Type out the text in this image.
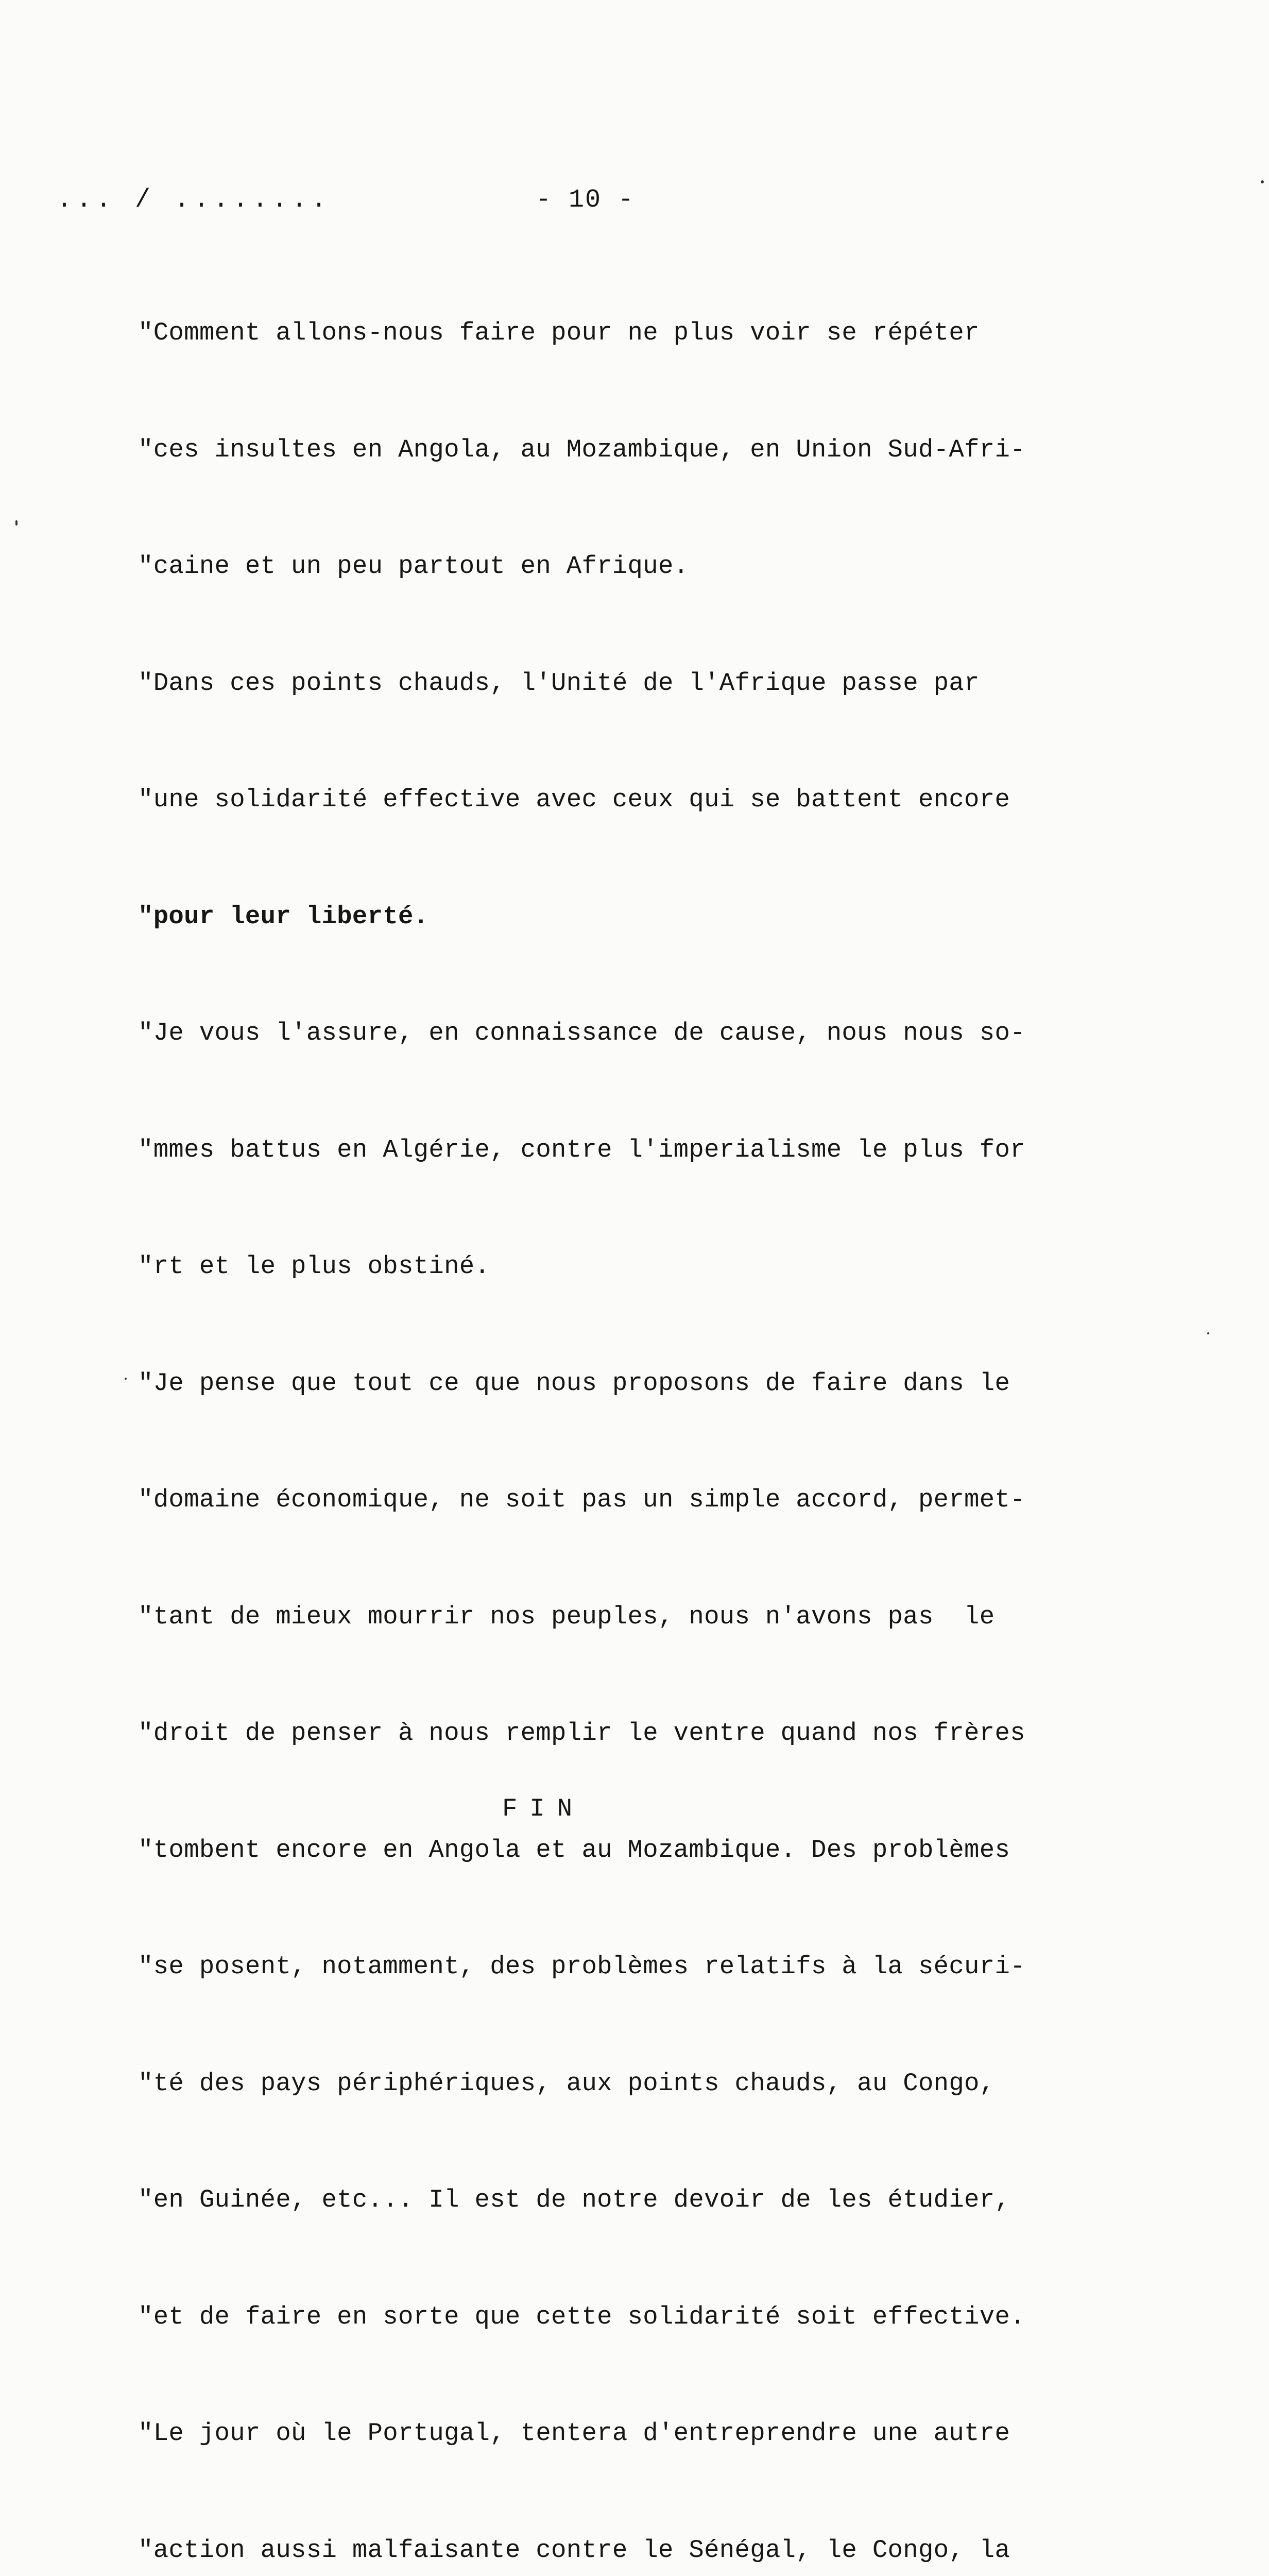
... / ........	- 10 -

"Comment allons-nous faire pour ne plus voir se répéter

"ces insultes en Angola, au Mozambique, en Union Sud-Afri-

"caine et un peu partout en Afrique.

"Dans ces points chauds, l'Unité de l'Afrique passe par

"une solidarité effective avec ceux qui se battent encore

"pour leur liberté.

"Je vous l'assure, en connaissance de cause, nous nous so-

"mmes battus en Algérie, contre l'imperialisme le plus for

"rt et le plus obstiné.

"Je pense que tout ce que nous proposons de faire dans le

"domaine économique, ne soit pas un simple accord, permet-

"tant de mieux mourrir nos peuples, nous n'avons pas  le

"droit de penser à nous remplir le ventre quand nos frères

"tombent encore en Angola et au Mozambique. Des problèmes

"se posent, notamment, des problèmes relatifs à la sécuri-

"té des pays périphériques, aux points chauds, au Congo,

"en Guinée, etc... Il est de notre devoir de les étudier,

"et de faire en sorte que cette solidarité soit effective.

"Le jour où le Portugal, tentera d'entreprendre une autre

"action aussi malfaisante contre le Sénégal, le Congo, la

FIN
